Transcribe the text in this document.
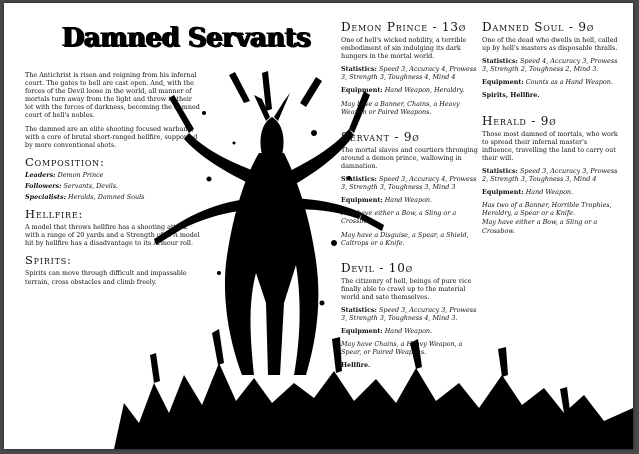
Damned Servants

The Antichrist is risen and reigning from his infernal court. The gates to hell are cast open. And, with the forces of the Devil loose in the world, all manner of mortals turn away from the light and throw in their lot with the forces of darkness, becoming the damned court of hell's nobles.

The damned are an elite shooting focused warband, with a core of brutal short-ranged hellfire, supported by more conventional shots.

Composition:

Leaders: Demon Prince

Followers: Servants, Devils.

Specialists: Heralds, Damned Souls

Hellfire:

A model that throws hellfire has a shooting attack with a range of 20 yards and a Strength of 5. A model hit by hellfire has a disadvantage to its Armour roll.

Spirits:

Spirits can move through difficult and impassable terrain, cross obstacles and climb freely.

Demon Prince - 13ø

One of hell's wicked nobility, a terrible embodiment of sin indulging its dark hungers in the mortal world.

Statistics: Speed 3, Accuracy 4, Prowess 3, Strength 3, Toughness 4, Mind 4

Equipment: Hand Weapon, Heraldry.

May have a Banner, Chains, a Heavy Weapon or Paired Weapons.

Servant - 9ø

The mortal slaves and courtiers thronging around a demon prince, wallowing in damnation.

Statistics: Speed 3, Accuracy 4, Prowess 3, Strength 3, Toughness 3, Mind 3

Equipment: Hand Weapon.

May have either a Bow, a Sling or a Crossbow.

May have a Disguise, a Spear, a Shield, Caltrops or a Knife.

Devil - 10ø

The citizenry of hell, beings of pure vice finally able to crawl up to the material world and sate themselves.

Statistics: Speed 3, Accuracy 3, Prowess 3, Strength 3, Toughness 4, Mind 3.

Equipment: Hand Weapon.

May have Chains, a Heavy Weapon, a Spear, or Paired Weapons.

Hellfire.

Damned Soul - 9ø

One of the dead who dwells in hell, called up by hell's masters as disposable thralls.

Statistics: Speed 4, Accuracy 3, Prowess 3, Strength 2, Toughness 2, Mind 3.

Equipment: Counts as a Hand Weapon.

Spirits, Hellfire.

Herald - 9ø

Those most damned of mortals, who work to spread their infernal master's influence, travelling the land to carry out their will.

Statistics: Speed 3, Accuracy 3, Prowess 2, Strength 3, Toughness 3, Mind 4

Equipment: Hand Weapon.

Has two of a Banner, Horrible Trophies, Heraldry, a Spear or a Knife.

May have either a Bow, a Sling or a Crossbow.
